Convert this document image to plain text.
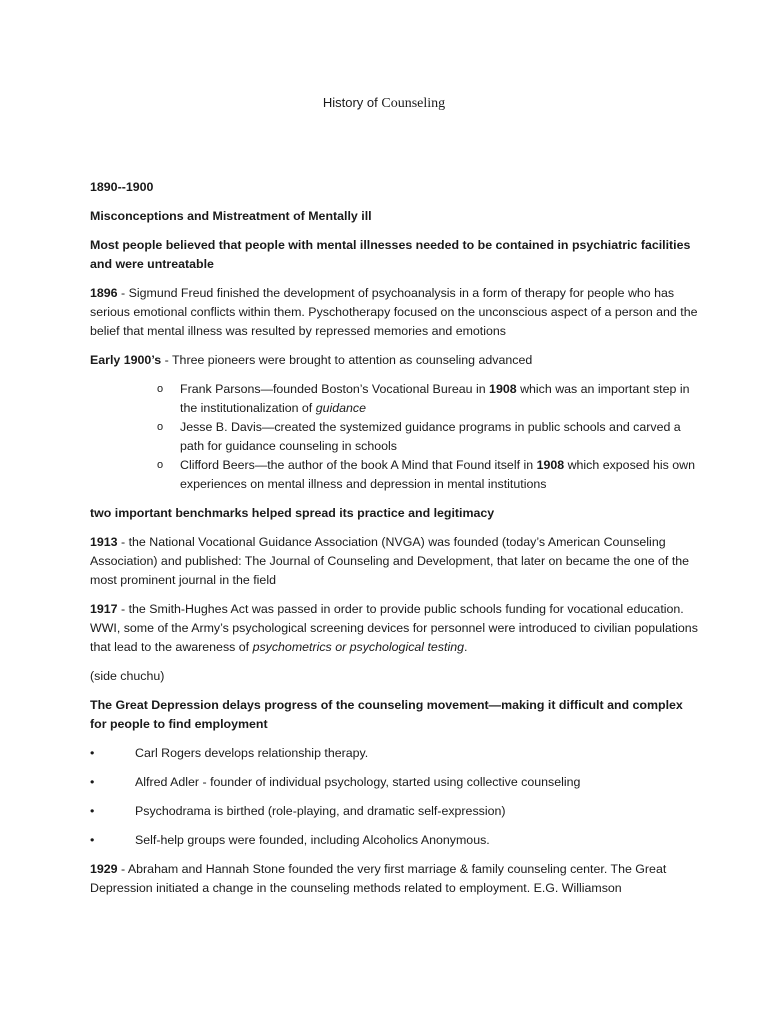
History of Counseling

1890--1900

Misconceptions and Mistreatment of Mentally ill

Most people believed that people with mental illnesses needed to be contained in psychiatric facilities and were untreatable

1896 - Sigmund Freud finished the development of psychoanalysis in a form of therapy for people who has serious emotional conflicts within them. Pyschotherapy focused on the unconscious aspect of a person and the belief that mental illness was resulted by repressed memories and emotions

Early 1900’s - Three pioneers were brought to attention as counseling advanced

o Frank Parsons—founded Boston’s Vocational Bureau in 1908 which was an important step in the institutionalization of guidance
o Jesse B. Davis—created the systemized guidance programs in public schools and carved a path for guidance counseling in schools
o Clifford Beers—the author of the book A Mind that Found itself in 1908 which exposed his own experiences on mental illness and depression in mental institutions

two important benchmarks helped spread its practice and legitimacy

1913 - the National Vocational Guidance Association (NVGA) was founded (today’s American Counseling Association) and published: The Journal of Counseling and Development, that later on became the one of the most prominent journal in the field

1917 - the Smith-Hughes Act was passed in order to provide public schools funding for vocational education. WWI, some of the Army’s psychological screening devices for personnel were introduced to civilian populations that lead to the awareness of psychometrics or psychological testing.

(side chuchu)

The Great Depression delays progress of the counseling movement—making it difficult and complex for people to find employment

•	Carl Rogers develops relationship therapy.
•	Alfred Adler - founder of individual psychology, started using collective counseling
•	Psychodrama is birthed (role-playing, and dramatic self-expression)
•	Self-help groups were founded, including Alcoholics Anonymous.

1929 - Abraham and Hannah Stone founded the very first marriage & family counseling center. The Great Depression initiated a change in the counseling methods related to employment. E.G. Williamson
